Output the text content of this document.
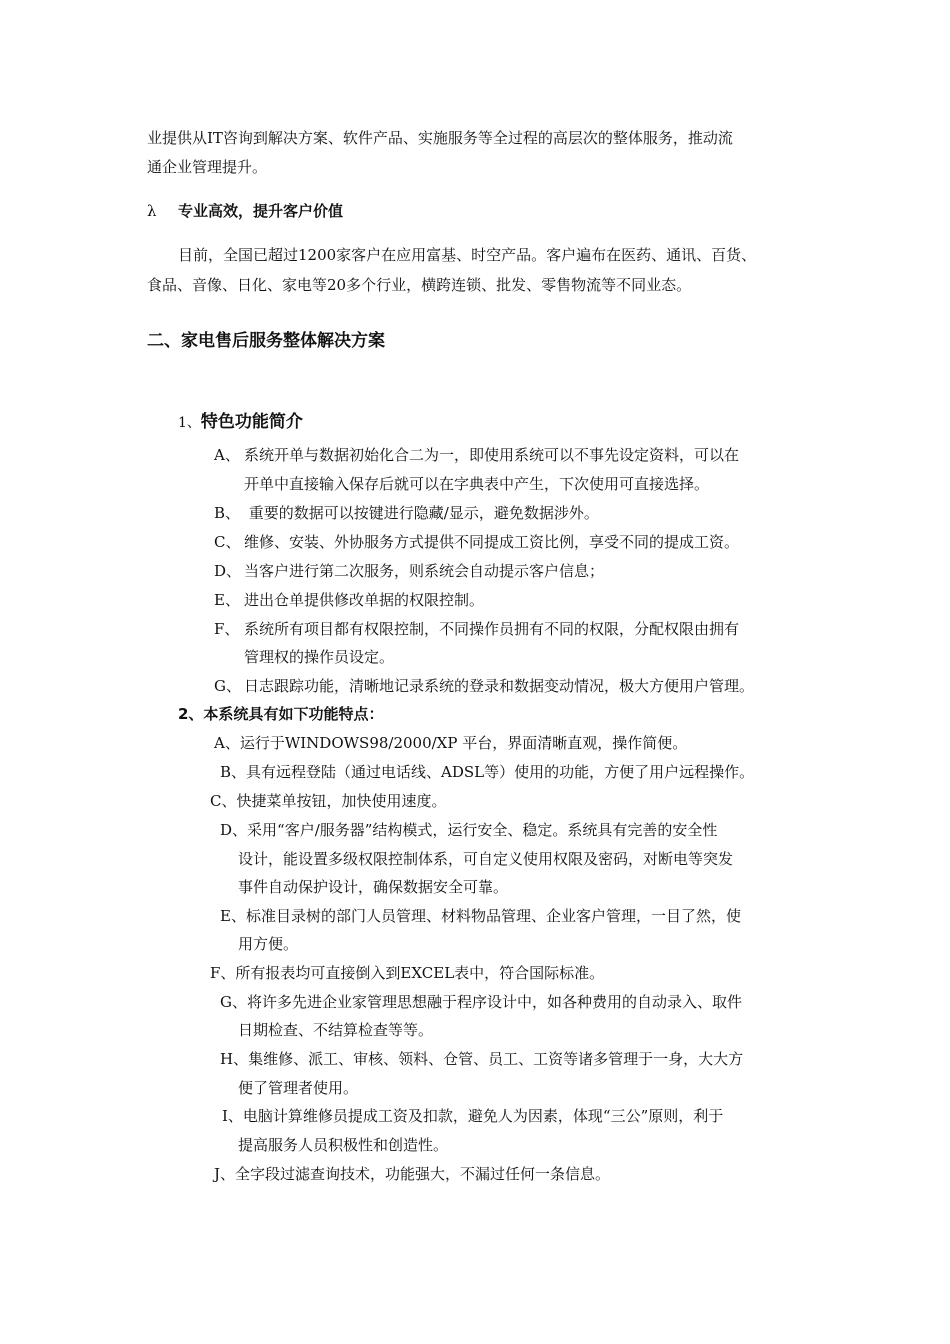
业提供从IT咨询到解决方案、软件产品、实施服务等全过程的高层次的整体服务，推动流
通企业管理提升。
λ 专业高效，提升客户价值
目前，全国已超过1200家客户在应用富基、时空产品。客户遍布在医药、通讯、百货、
食品、音像、日化、家电等20多个行业，横跨连锁、批发、零售物流等不同业态。
二、家电售后服务整体解决方案
1、特色功能简介
A、 系统开单与数据初始化合二为一，即使用系统可以不事先设定资料，可以在
开单中直接输入保存后就可以在字典表中产生，下次使用可直接选择。
B、 重要的数据可以按键进行隐藏/显示，避免数据涉外。
C、 维修、安装、外协服务方式提供不同提成工资比例，享受不同的提成工资。
D、 当客户进行第二次服务，则系统会自动提示客户信息；
E、 进出仓单提供修改单据的权限控制。
F、 系统所有项目都有权限控制，不同操作员拥有不同的权限，分配权限由拥有
管理权的操作员设定。
G、 日志跟踪功能，清晰地记录系统的登录和数据变动情况，极大方便用户管理。
2、本系统具有如下功能特点：
A、运行于WINDOWS98/2000/XP 平台，界面清晰直观，操作简便。
B、具有远程登陆（通过电话线、ADSL等）使用的功能，方便了用户远程操作。
C、快捷菜单按钮，加快使用速度。
D、采用“客户/服务器”结构模式，运行安全、稳定。系统具有完善的安全性
设计，能设置多级权限控制体系，可自定义使用权限及密码，对断电等突发
事件自动保护设计，确保数据安全可靠。
E、标准目录树的部门人员管理、材料物品管理、企业客户管理，一目了然，使
用方便。
F、所有报表均可直接倒入到EXCEL表中，符合国际标准。
G、将许多先进企业家管理思想融于程序设计中，如各种费用的自动录入、取件
日期检查、不结算检查等等。
H、集维修、派工、审核、领料、仓管、员工、工资等诸多管理于一身，大大方
便了管理者使用。
I、电脑计算维修员提成工资及扣款，避免人为因素，体现“三公”原则，利于
提高服务人员积极性和创造性。
J、全字段过滤查询技术，功能强大，不漏过任何一条信息。
